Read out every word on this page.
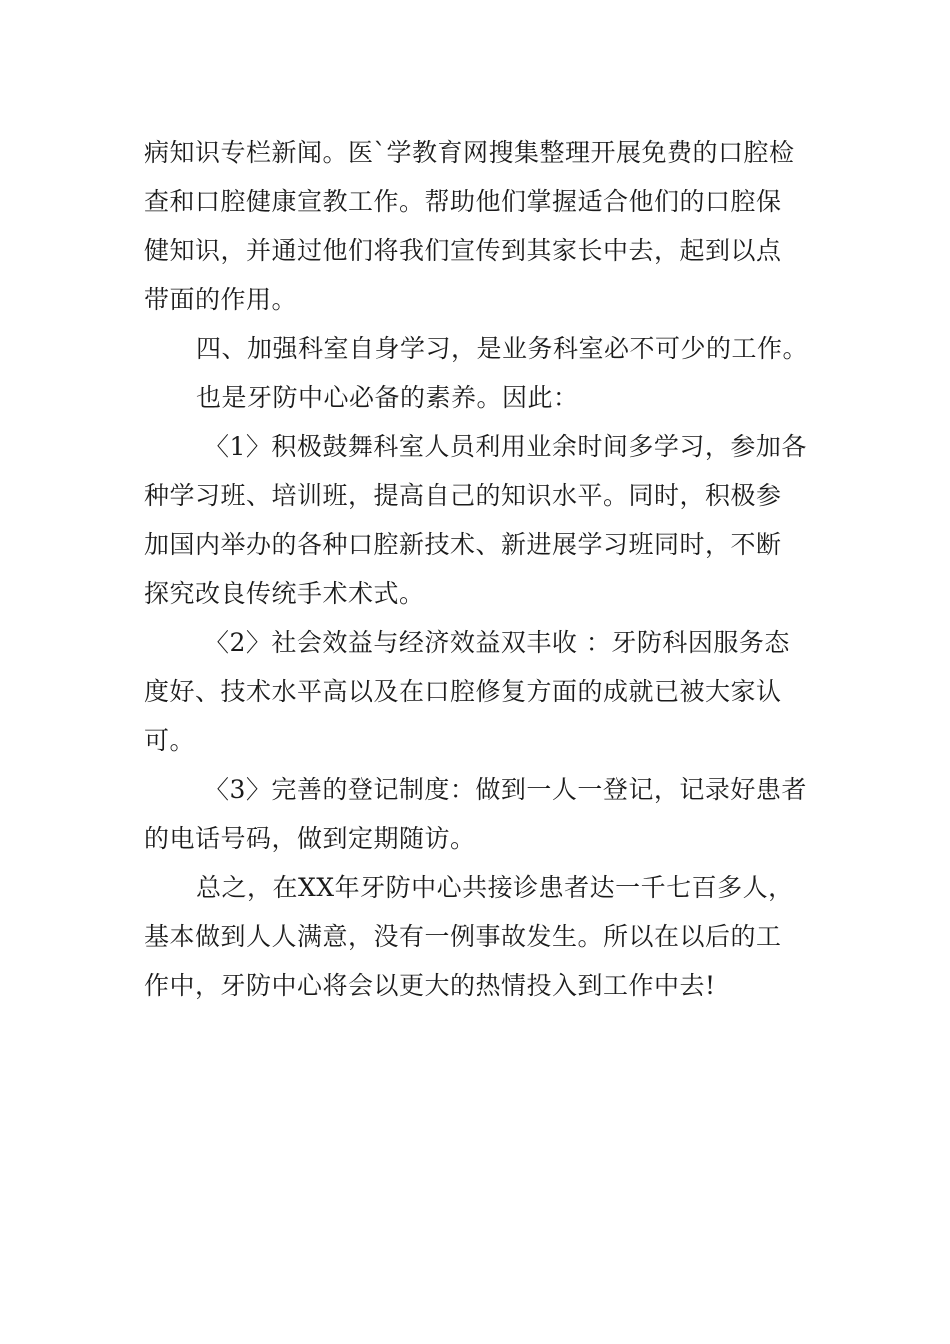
病知识专栏新闻。医`学教育网搜集整理开展免费的口腔检
查和口腔健康宣教工作。帮助他们掌握适合他们的口腔保
健知识，并通过他们将我们宣传到其家长中去，起到以点
带面的作用。
四、加强科室自身学习，是业务科室必不可少的工作。
也是牙防中心必备的素养。因此：
〈1〉积极鼓舞科室人员利用业余时间多学习，参加各
种学习班、培训班，提高自己的知识水平。同时，积极参
加国内举办的各种口腔新技术、新进展学习班同时，不断
探究改良传统手术术式。
〈2〉社会效益与经济效益双丰收 ：牙防科因服务态
度好、技术水平高以及在口腔修复方面的成就已被大家认
可。
〈3〉完善的登记制度：做到一人一登记，记录好患者
的电话号码，做到定期随访。
总之，在XX年牙防中心共接诊患者达一千七百多人，
基本做到人人满意，没有一例事故发生。所以在以后的工
作中，牙防中心将会以更大的热情投入到工作中去!
